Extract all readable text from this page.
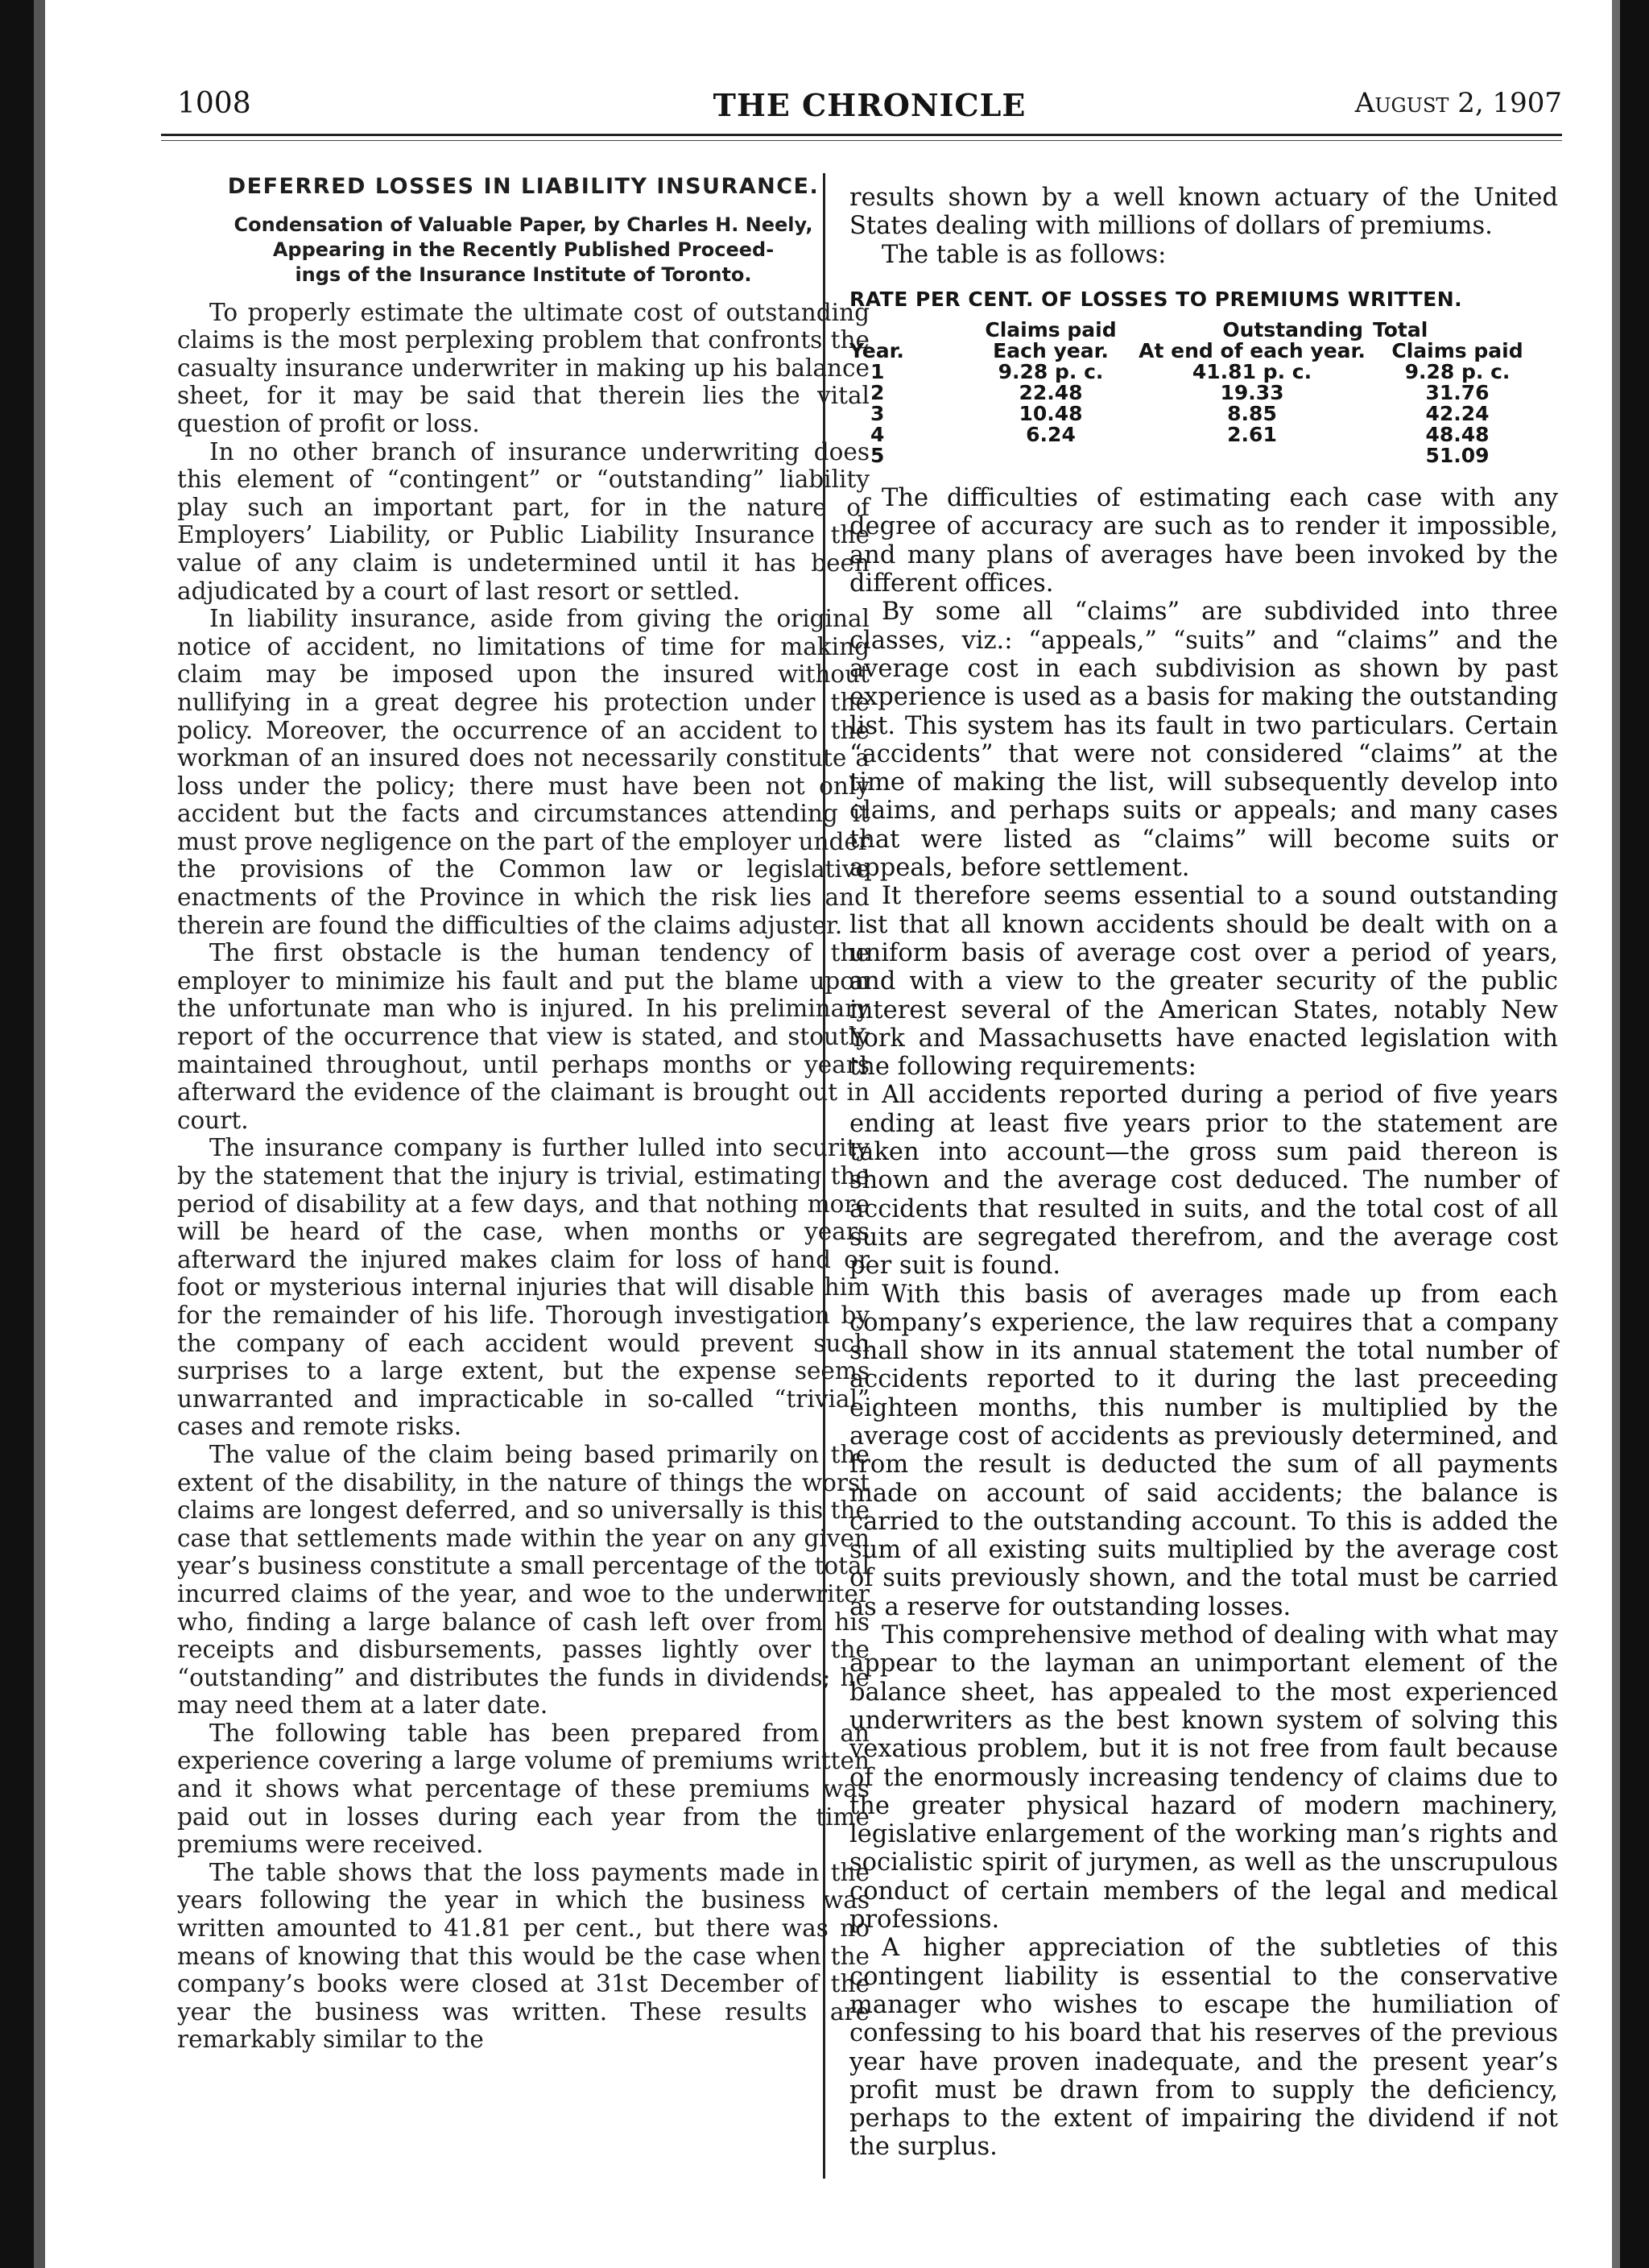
THE CHRONICLE
1008	August 2, 1907
DEFERRED LOSSES IN LIABILITY INSURANCE.
Condensation of Valuable Paper, by Charles H. Neely,
Appearing in the Recently Published Proceed-
ings of the Insurance Institute of Toronto.

To properly estimate the ultimate cost of outstanding claims is the most perplexing problem that confronts the casualty insurance underwriter in making up his balance sheet, for it may be said that therein lies the vital question of profit or loss.

In no other branch of insurance underwriting does this element of “contingent” or “outstanding” liability play such an important part, for in the nature of Employers’ Liability, or Public Liability Insurance the value of any claim is undetermined until it has been adjudicated by a court of last resort or settled.

In liability insurance, aside from giving the original notice of accident, no limitations of time for making claim may be imposed upon the insured without nullifying in a great degree his protection under the policy. Moreover, the occurrence of an accident to the workman of an insured does not necessarily constitute a loss under the policy; there must have been not only accident but the facts and circumstances attending it must prove negligence on the part of the employer under the provisions of the Common law or legislative enactments of the Province in which the risk lies and therein are found the difficulties of the claims adjuster.

The first obstacle is the human tendency of the employer to minimize his fault and put the blame upon the unfortunate man who is injured. In his preliminary report of the occurrence that view is stated, and stoutly maintained throughout, until perhaps months or years afterward the evidence of the claimant is brought out in court.

The insurance company is further lulled into security by the statement that the injury is trivial, estimating the period of disability at a few days, and that nothing more will be heard of the case, when months or years afterward the injured makes claim for loss of hand or foot or mysterious internal injuries that will disable him for the remainder of his life. Thorough investigation by the company of each accident would prevent such surprises to a large extent, but the expense seems unwarranted and impracticable in so-called “trivial” cases and remote risks.

The value of the claim being based primarily on the extent of the disability, in the nature of things the worst claims are longest deferred, and so universally is this the case that settlements made within the year on any given year’s business constitute a small percentage of the total incurred claims of the year, and woe to the underwriter who, finding a large balance of cash left over from his receipts and disbursements, passes lightly over the “outstanding” and distributes the funds in dividends; he may need them at a later date.

The following table has been prepared from an experience covering a large volume of premiums written and it shows what percentage of these premiums was paid out in losses during each year from the time premiums were received.

The table shows that the loss payments made in the years following the year in which the business was written amounted to 41.81 per cent., but there was no means of knowing that this would be the case when the company’s books were closed at 31st December of the year the business was written. These results are remarkably similar to the

results shown by a well known actuary of the United States dealing with millions of dollars of premiums.

The table is as follows:

RATE PER CENT. OF LOSSES TO PREMIUMS WRITTEN.
	Claims paid	Outstanding	Total
Year.	Each year.	At end of each year.	Claims paid
1	9.28 p. c.	41.81 p. c.	9.28 p. c.
2	22.48	19.33	31.76
3	10.48	8.85	42.24
4	6.24	2.61	48.48
5			51.09

The difficulties of estimating each case with any degree of accuracy are such as to render it impossible, and many plans of averages have been invoked by the different offices.

By some all “claims” are subdivided into three classes, viz.: “appeals,” “suits” and “claims” and the average cost in each subdivision as shown by past experience is used as a basis for making the outstanding list. This system has its fault in two particulars. Certain “accidents” that were not considered “claims” at the time of making the list, will subsequently develop into claims, and perhaps suits or appeals; and many cases that were listed as “claims” will become suits or appeals, before settlement.

It therefore seems essential to a sound outstanding list that all known accidents should be dealt with on a uniform basis of average cost over a period of years, and with a view to the greater security of the public interest several of the American States, notably New York and Massachusetts have enacted legislation with the following requirements:

All accidents reported during a period of five years ending at least five years prior to the statement are taken into account—the gross sum paid thereon is shown and the average cost deduced. The number of accidents that resulted in suits, and the total cost of all suits are segregated therefrom, and the average cost per suit is found.

With this basis of averages made up from each company’s experience, the law requires that a company shall show in its annual statement the total number of accidents reported to it during the last preceeding eighteen months, this number is multiplied by the average cost of accidents as previously determined, and from the result is deducted the sum of all payments made on account of said accidents; the balance is carried to the outstanding account. To this is added the sum of all existing suits multiplied by the average cost of suits previously shown, and the total must be carried as a reserve for outstanding losses.

This comprehensive method of dealing with what may appear to the layman an unimportant element of the balance sheet, has appealed to the most experienced underwriters as the best known system of solving this vexatious problem, but it is not free from fault because of the enormously increasing tendency of claims due to the greater physical hazard of modern machinery, legislative enlargement of the working man’s rights and socialistic spirit of jurymen, as well as the unscrupulous conduct of certain members of the legal and medical professions.

A higher appreciation of the subtleties of this contingent liability is essential to the conservative manager who wishes to escape the humiliation of confessing to his board that his reserves of the previous year have proven inadequate, and the present year’s profit must be drawn from to supply the deficiency, perhaps to the extent of impairing the dividend if not the surplus.
